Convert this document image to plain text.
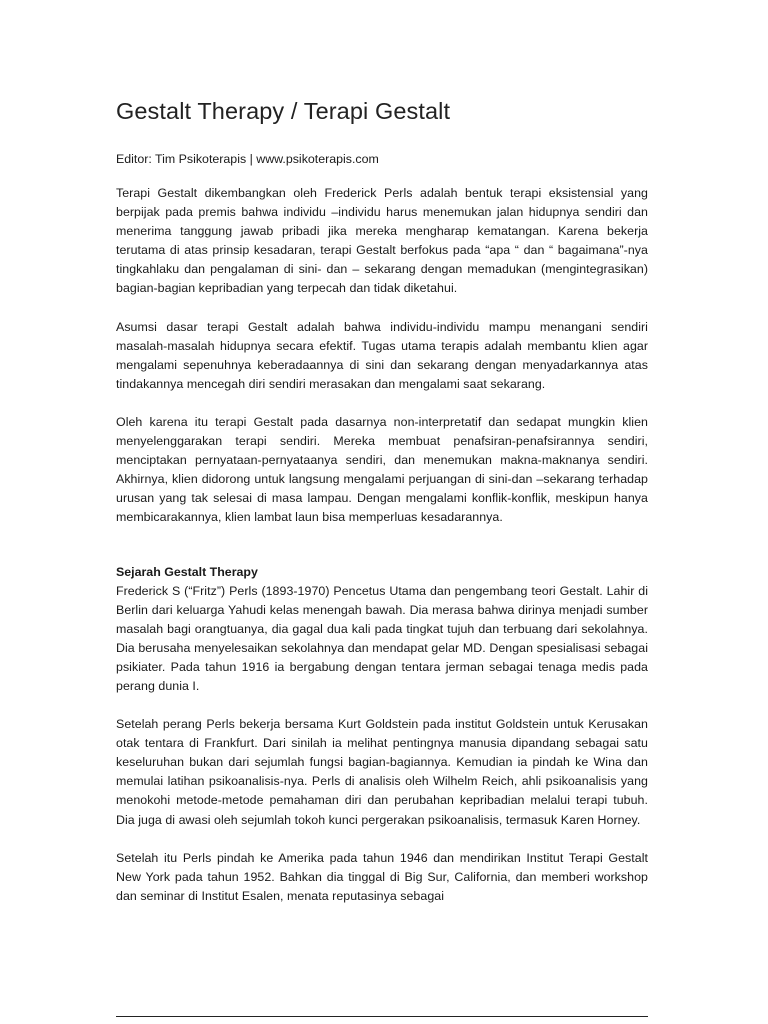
Gestalt Therapy / Terapi Gestalt

Editor: Tim Psikoterapis | www.psikoterapis.com

Terapi Gestalt dikembangkan oleh Frederick Perls adalah bentuk terapi eksistensial yang berpijak pada premis bahwa individu –individu harus menemukan jalan hidupnya sendiri dan menerima tanggung jawab pribadi jika mereka mengharap kematangan. Karena bekerja terutama di atas prinsip kesadaran, terapi Gestalt berfokus pada “apa “ dan “ bagaimana”-nya tingkahlaku dan pengalaman di sini- dan – sekarang dengan memadukan (mengintegrasikan) bagian-bagian kepribadian yang terpecah dan tidak diketahui.

Asumsi dasar terapi Gestalt adalah bahwa individu-individu mampu menangani sendiri masalah-masalah hidupnya secara efektif. Tugas utama terapis adalah membantu klien agar mengalami sepenuhnya keberadaannya di sini dan sekarang dengan menyadarkannya atas tindakannya mencegah diri sendiri merasakan dan mengalami saat sekarang.

Oleh karena itu terapi Gestalt pada dasarnya non-interpretatif dan sedapat mungkin klien menyelenggarakan terapi sendiri. Mereka membuat penafsiran-penafsirannya sendiri, menciptakan pernyataan-pernyataanya sendiri, dan menemukan makna-maknanya sendiri. Akhirnya, klien didorong untuk langsung mengalami perjuangan di sini-dan –sekarang terhadap urusan yang tak selesai di masa lampau. Dengan mengalami konflik-konflik, meskipun hanya membicarakannya, klien lambat laun bisa memperluas kesadarannya.

Sejarah Gestalt Therapy

Frederick S (“Fritz”) Perls (1893-1970) Pencetus Utama dan pengembang teori Gestalt. Lahir di Berlin dari keluarga Yahudi kelas menengah bawah. Dia merasa bahwa dirinya menjadi sumber masalah bagi orangtuanya, dia gagal dua kali pada tingkat tujuh dan terbuang dari sekolahnya. Dia berusaha menyelesaikan sekolahnya dan mendapat gelar MD. Dengan spesialisasi sebagai psikiater. Pada tahun 1916 ia bergabung dengan tentara jerman sebagai tenaga medis pada perang dunia I.

Setelah perang Perls bekerja bersama Kurt Goldstein pada institut Goldstein untuk Kerusakan otak tentara di Frankfurt. Dari sinilah ia melihat pentingnya manusia dipandang sebagai satu keseluruhan bukan dari sejumlah fungsi bagian-bagiannya. Kemudian ia pindah ke Wina dan memulai latihan psikoanalisis-nya. Perls di analisis oleh Wilhelm Reich, ahli psikoanalisis yang menokohi metode-metode pemahaman diri dan perubahan kepribadian melalui terapi tubuh. Dia juga di awasi oleh sejumlah tokoh kunci pergerakan psikoanalisis, termasuk Karen Horney.

Setelah itu Perls pindah ke Amerika pada tahun 1946 dan mendirikan Institut Terapi Gestalt New York pada tahun 1952. Bahkan dia tinggal di Big Sur, California, dan memberi workshop dan seminar di Institut Esalen, menata reputasinya sebagai
